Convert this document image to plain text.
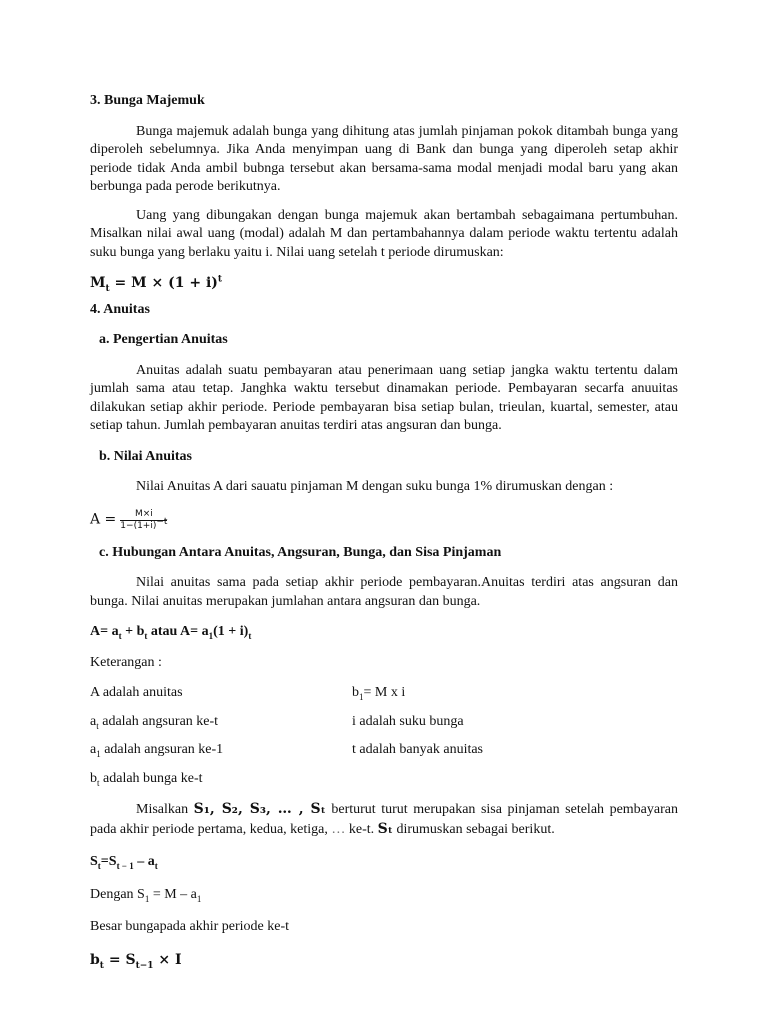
3. Bunga Majemuk

Bunga majemuk adalah bunga yang dihitung atas jumlah pinjaman pokok ditambah bunga yang diperoleh sebelumnya. Jika Anda menyimpan uang di Bank dan bunga yang diperoleh setap akhir periode tidak Anda ambil bubnga tersebut akan bersama-sama modal menjadi modal baru yang akan berbunga pada perode berikutnya.

Uang yang dibungakan dengan bunga majemuk akan bertambah sebagaimana pertumbuhan. Misalkan nilai awal uang (modal) adalah M dan pertambahannya dalam periode waktu tertentu adalah suku bunga yang berlaku yaitu i. Nilai uang setelah t periode dirumuskan:

$M_t = M \times (1 + i)^t$

4. Anuitas
a. Pengertian Anuitas

Anuitas adalah suatu pembayaran atau penerimaan uang setiap jangka waktu tertentu dalam jumlah sama atau tetap. Janghka waktu tersebut dinamakan periode. Pembayaran secarfa anuuitas dilakukan setiap akhir periode. Periode pembayaran bisa setiap bulan, trieulan, kuartal, semester, atau setiap tahun. Jumlah pembayaran anuitas terdiri atas angsuran dan bunga.

b. Nilai Anuitas

Nilai Anuitas A dari sauatu pinjaman M dengan suku bunga 1% dirumuskan dengan :

$A = \frac{M\times i}{1-(1+i)^{-t}}$

c. Hubungan Antara Anuitas, Angsuran, Bunga, dan Sisa Pinjaman

Nilai anuitas sama pada setiap akhir periode pembayaran.Anuitas terdiri atas angsuran dan bunga. Nilai anuitas merupakan jumlahan antara angsuran dan bunga.

$A= a_t + b_t$ atau $A= a_1(1 + i)_t$

Keterangan :

A adalah anuitas	$b_1= M$ x i
$a_t$ adalah angsuran ke-t	i adalah suku bunga
$a_1$ adalah angsuran ke-1	t adalah banyak anuitas
$b_t$ adalah bunga ke-t

Misalkan S₁, S₂, S₃, … , Sₜ berturut turut merupakan sisa pinjaman setelah pembayaran pada akhir periode pertama, kedua, ketiga, … ke-t. Sₜ dirumuskan sebagai berikut.

$S_t=S_{t - 1} - a_t$

Dengan $S_1 = M - a_1$

Besar bungapada akhir periode ke-t

$b_t = S_{t-1} \times I$
